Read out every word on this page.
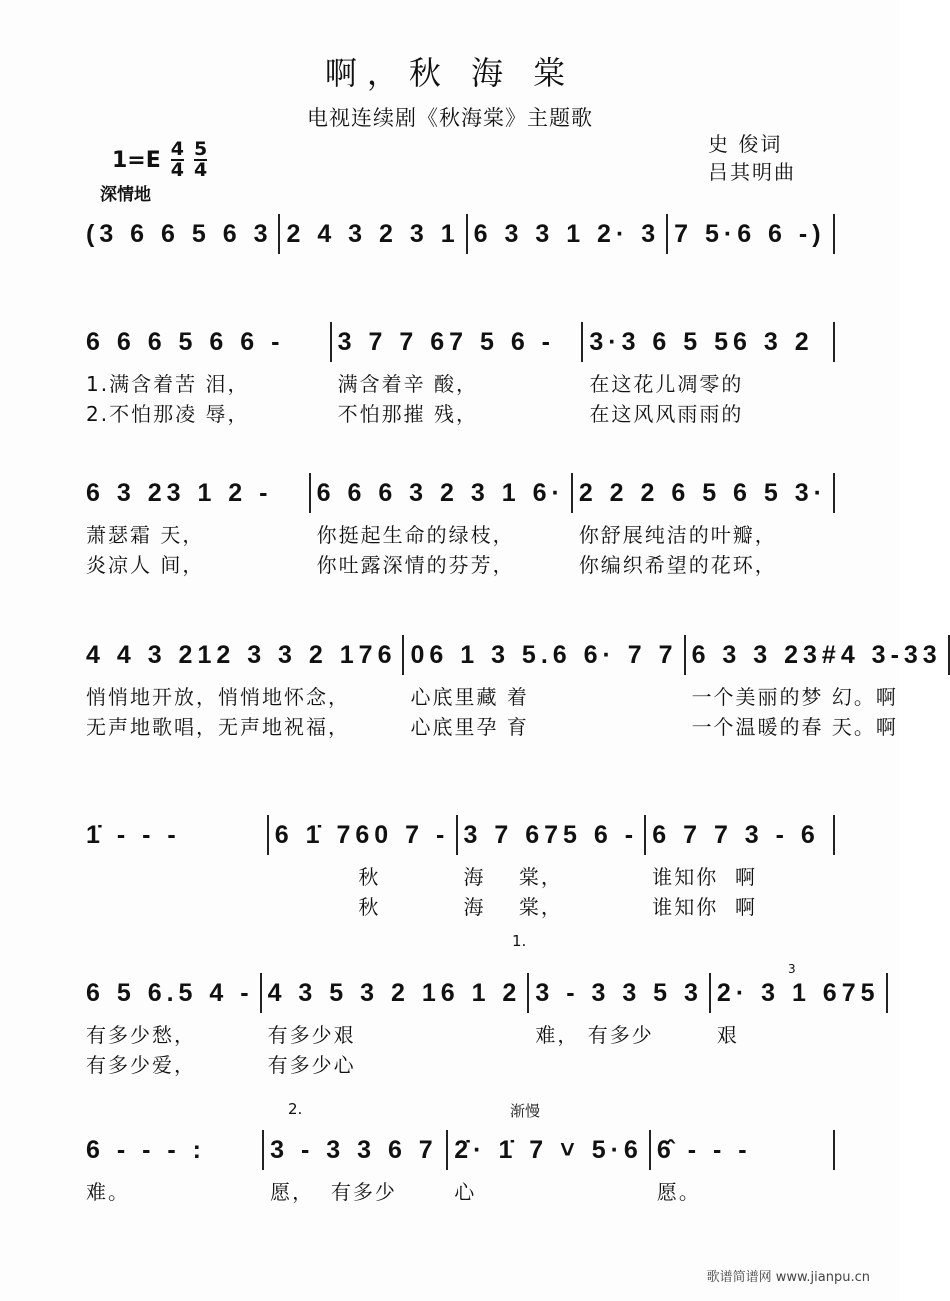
啊，秋 海 棠
电视连续剧《秋海棠》主题歌
$1=E \frac{4}{4} \frac{5}{4}$
深情地
史 俊词
吕其明曲
(3 6 6 5 6 3 2 4 3 2 3 1 6 3 3 1 2· 3 7 5·6 6 -)
6 6 6 5 6 6 -
1.满含着苦 泪，
2.不怕那凌 辱，
3 7 7 67 5 6 -
满含着辛 酸，
不怕那摧 残，
3·3 6 5 56 3 2
在这花儿凋零的
在这风风雨雨的
6 3 23 1 2 -
萧瑟霜 天，
炎凉人 间，
6 6 6 3 2 3 1 6·
你挺起生命的绿枝，
你吐露深情的芬芳，
2 2 2 6 5 6 5 3·
你舒展纯洁的叶瓣，
你编织希望的花环，
4 4 3 212 3 3 2 176
悄悄地开放，悄悄地怀念，
无声地歌唱，无声地祝福，
06 1 3 5.6 6· 7 7
心底里藏 着
心底里孕 育
6 3 3 23#4 3-33
一个美丽的梦 幻。啊
一个温暖的春 天。啊
1̇ - - -	6 1̇ 760 7 -
秋
秋
3 7 675 6 -
海    棠，
海    棠，
6 7 7 3 - 6
谁知你  啊
谁知你  啊
6 5 6.5 4 -
有多少愁，
有多少爱，
4 3 5 3 2 16 1 2
有多少艰
有多少心
3 - 3 3 5 3
难， 有多少
2· 3 1 675
艰
6 - - - :
难。
3 - 3 3 6 7
愿，  有多少
2̇· 1̇ 7 ˅ 5·6
心
6̂ - - -
愿。
1.
2.	渐慢
3
歌谱简谱网 www.jianpu.cn
